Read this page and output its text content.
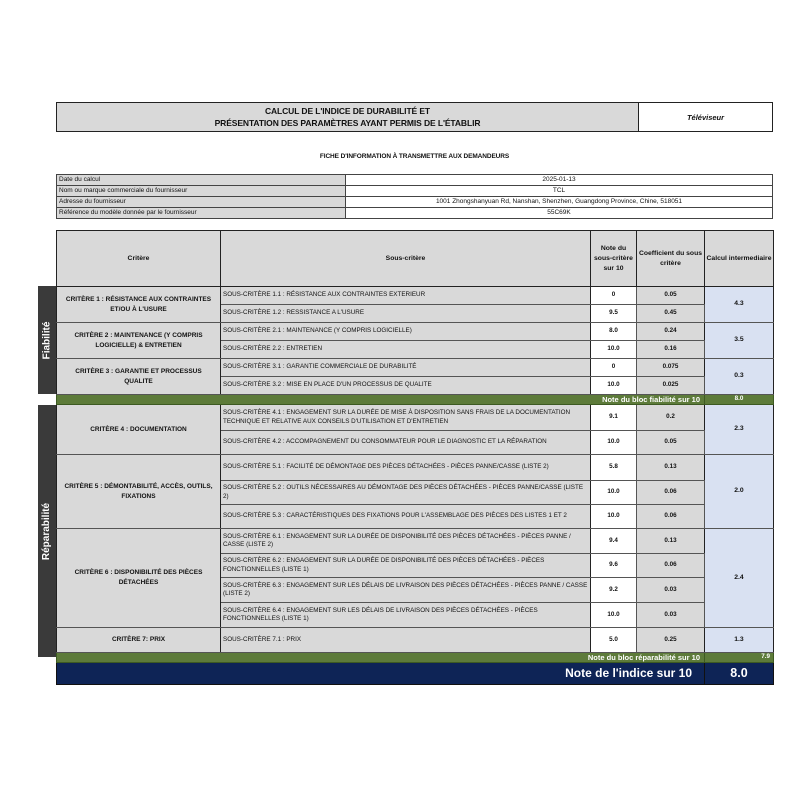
CALCUL DE L'INDICE DE DURABILITÉ ET
PRÉSENTATION DES PARAMÈTRES AYANT PERMIS DE L'ÉTABLIR
Téléviseur
FICHE D'INFORMATION À TRANSMETTRE AUX DEMANDEURS
Date du calcul	2025-01-13
Nom ou marque commerciale du fournisseur	TCL
Adresse du fournisseur	1001 Zhongshanyuan Rd, Nanshan, Shenzhen, Guangdong Province, Chine, 518051
Référence du modèle donnée par le fournisseur	55C69K
Fiabilité
Réparabilité
Critère	Sous-critère	Note du sous-critère sur 10	Coefficient du sous critère	Calcul intermediaire
CRITÈRE 1 : RÉSISTANCE AUX CONTRAINTES ET/OU À L'USURE	SOUS-CRITÈRE 1.1 : RÉSISTANCE AUX CONTRAINTES EXTERIEUR	0	0.05	4.3
	SOUS-CRITÈRE 1.2 : RESSISTANCE A L'USURE	9.5	0.45	
CRITÈRE 2 : MAINTENANCE (Y COMPRIS LOGICIELLE) & ENTRETIEN	SOUS-CRITÈRE 2.1 : MAINTENANCE (Y COMPRIS LOGICIELLE)	8.0	0.24	3.5
	SOUS-CRITÈRE 2.2 : ENTRETIEN	10.0	0.16	
CRITÈRE 3 : GARANTIE ET PROCESSUS QUALITE	SOUS-CRITÈRE 3.1 : GARANTIE COMMERCIALE DE DURABILITÉ	0	0.075	0.3
	SOUS-CRITÈRE 3.2 : MISE EN PLACE D'UN PROCESSUS DE QUALITE	10.0	0.025	
Note du bloc fiabilité sur 10				8.0
CRITÈRE 4 : DOCUMENTATION	SOUS-CRITÈRE 4.1 : ENGAGEMENT SUR LA DURÉE DE MISE À DISPOSITION SANS FRAIS DE LA DOCUMENTATION TECHNIQUE ET RELATIVE AUX CONSEILS D'UTILISATION ET D'ENTRETIEN	9.1	0.2	2.3
	SOUS-CRITÈRE 4.2 : ACCOMPAGNEMENT DU CONSOMMATEUR POUR LE DIAGNOSTIC ET LA RÉPARATION	10.0	0.05	
CRITÈRE 5 : DÉMONTABILITÉ, ACCÈS, OUTILS, FIXATIONS	SOUS-CRITÈRE 5.1 : FACILITÉ DE DÉMONTAGE DES PIÈCES DÉTACHÉES - PIÈCES PANNE/CASSE (LISTE 2)	5.8	0.13	2.0
	SOUS-CRITÈRE 5.2 : OUTILS NÉCESSAIRES AU DÉMONTAGE DES PIÈCES DÉTACHÉES - PIÈCES PANNE/CASSE (LISTE 2)	10.0	0.06	
	SOUS-CRITÈRE 5.3 : CARACTÉRISTIQUES DES FIXATIONS POUR L'ASSEMBLAGE DES PIÈCES DES LISTES 1 ET 2	10.0	0.06	
CRITÈRE 6 : DISPONIBILITÉ DES PIÈCES DÉTACHÉES	SOUS-CRITÈRE 6.1 : ENGAGEMENT SUR LA DURÉE DE DISPONIBILITÉ DES PIÈCES DÉTACHÉES - PIÈCES PANNE / CASSE (LISTE 2)	9.4	0.13	2.4
	SOUS-CRITÈRE 6.2 : ENGAGEMENT SUR LA DURÉE DE DISPONIBILITÉ DES PIÈCES DÉTACHÉES - PIÈCES FONCTIONNELLES (LISTE 1)	9.6	0.06	
	SOUS-CRITÈRE 6.3 : ENGAGEMENT SUR LES DÉLAIS DE LIVRAISON DES PIÈCES DÉTACHÉES - PIÈCES PANNE / CASSE (LISTE 2)	9.2	0.03	
	SOUS-CRITÈRE 6.4 : ENGAGEMENT SUR LES DÉLAIS DE LIVRAISON DES PIÈCES DÉTACHÉES - PIÈCES FONCTIONNELLES (LISTE 1)	10.0	0.03	
CRITÈRE 7: PRIX	SOUS-CRITÈRE 7.1 : PRIX	5.0	0.25	1.3
Note du bloc réparabilité sur 10				7.9
Note de l'indice sur 10				8.0
